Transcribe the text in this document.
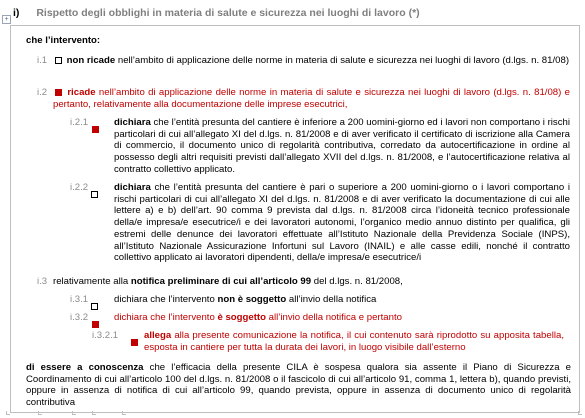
+
i) Rispetto degli obblighi in materia di salute e sicurezza nei luoghi di lavoro (*)

che l’intervento:

i.1	non ricade nell’ambito di applicazione delle norme in materia di salute e sicurezza nei luoghi di lavoro (d.lgs. n. 81/08)

i.2	ricade nell’ambito di applicazione delle norme in materia di salute e sicurezza nei luoghi di lavoro (d.lgs. n. 81/08) e pertanto, relativamente alla documentazione delle imprese esecutrici,

i.2.1	dichiara che l’entità presunta del cantiere è inferiore a 200 uomini-giorno ed i lavori non comportano i rischi particolari di cui all’allegato XI del d.lgs. n. 81/2008 e di aver verificato il certificato di iscrizione alla Camera di commercio, il documento unico di regolarità contributiva, corredato da autocertificazione in ordine al possesso degli altri requisiti previsti dall’allegato XVII del d.lgs. n. 81/2008, e l’autocertificazione relativa al contratto collettivo applicato.

i.2.2	dichiara che l’entità presunta del cantiere è pari o superiore a 200 uomini-giorno o i lavori comportano i rischi particolari di cui all’allegato XI del d.lgs. n. 81/2008 e di aver verificato la documentazione di cui alle lettere a) e b) dell’art. 90 comma 9 prevista dal d.lgs. n. 81/2008 circa l’idoneità tecnico professionale della/e impresa/e esecutrice/i e dei lavoratori autonomi, l’organico medio annuo distinto per qualifica, gli estremi delle denunce dei lavoratori effettuate all’Istituto Nazionale della Previdenza Sociale (INPS), all’Istituto Nazionale Assicurazione Infortuni sul Lavoro (INAIL) e alle casse edili, nonché il contratto collettivo applicato ai lavoratori dipendenti, della/e impresa/e esecutrice/i

i.3 relativamente alla notifica preliminare di cui all’articolo 99 del d.lgs. n. 81/2008,

i.3.1	dichiara che l’intervento non è soggetto all’invio della notifica

i.3.2	dichiara che l’intervento è soggetto all’invio della notifica e pertanto

i.3.2.1	allega alla presente comunicazione la notifica, il cui contenuto sarà riprodotto su apposita tabella, esposta in cantiere per tutta la durata dei lavori, in luogo visibile dall’esterno

di essere a conoscenza che l’efficacia della presente CILA è sospesa qualora sia assente il Piano di Sicurezza e Coordinamento di cui all’articolo 100 del d.lgs. n. 81/2008 o il fascicolo di cui all’articolo 91, comma 1, lettera b), quando previsti, oppure in assenza di notifica di cui all’articolo 99, quando prevista, oppure in assenza di documento unico di regolarità contributiva
